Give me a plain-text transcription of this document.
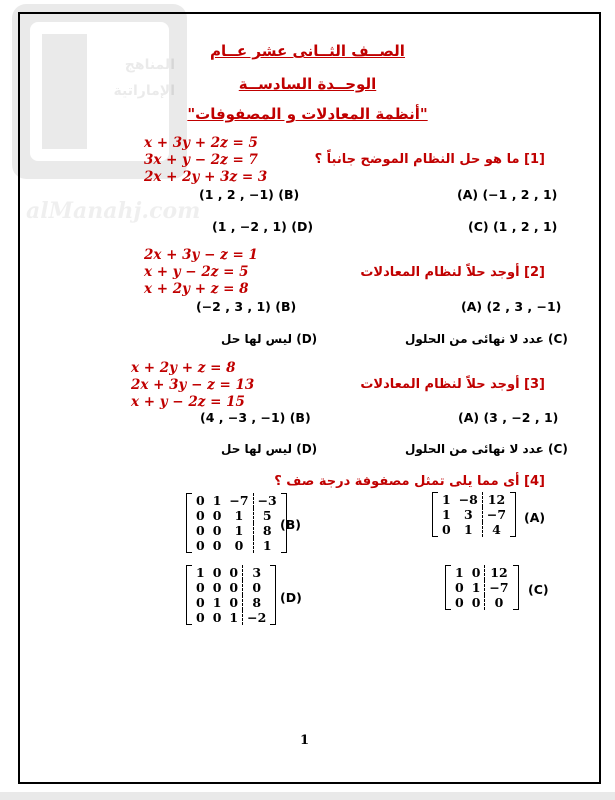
المناهج
الإماراتية
alManahj.com
الصــف الثــانى عشر عــام
الوحــدة السادســة
"أنظمة المعادلات و المصفوفات"
[1] ما هو حل النظام الموضح جانباً ؟
x + 3y + 2z = 5
3x + y − 2z = 7
2x + 2y + 3z = 3
(1 , 2 , −1) (B)	(A) (−1 , 2 , 1)
(1 , −2 , 1) (D)	(C) (1 , 2 , 1)
[2] أوجد حلاً لنظام المعادلات
2x + 3y − z = 1
x + y − 2z = 5
x + 2y + z = 8
(−2 , 3 , 1) (B)	(A) (2 , 3 , −1)
(D) ليس لها حل	(C) عدد لا نهائى من الحلول
[3] أوجد حلاً لنظام المعادلات
x + 2y + z = 8
2x + 3y − z = 13
x + y − 2z = 15
(4 , −3 , −1) (B)	(A) (3 , −2 , 1)
(D) ليس لها حل	(C) عدد لا نهائى من الحلول
[4] أى مما يلى تمثل مصفوفة درجة صف ؟
0	1	−7	−3
0	0	1	5
0	0	1	8
0	0	0	1
(B)
1	−8	12
1	3	−7
0	1	4
(A)
1	0	0	3
0	0	0	0
0	1	0	8
0	0	1	−2
(D)
1	0	12
0	1	−7
0	0	0
(C)
1
